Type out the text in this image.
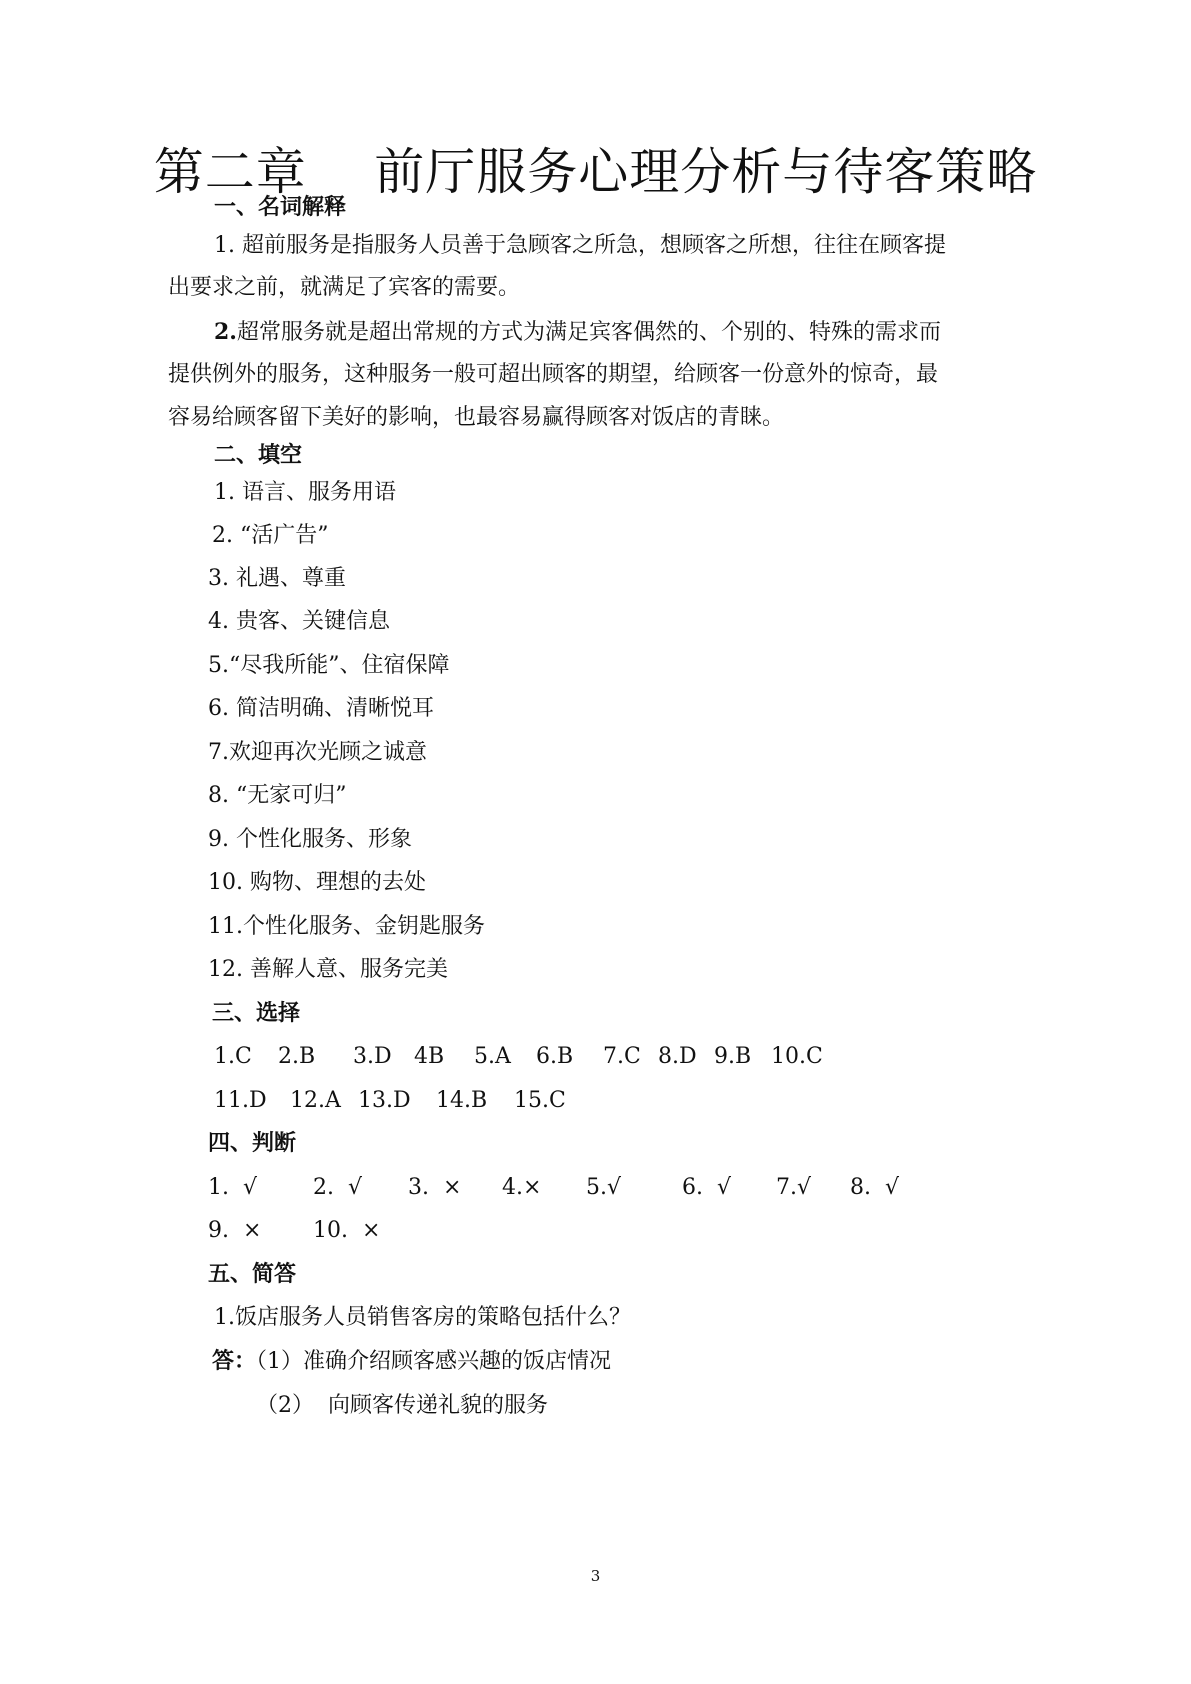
第二章    前厅服务心理分析与待客策略
一、名词解释
1. 超前服务是指服务人员善于急顾客之所急，想顾客之所想，往往在顾客提
出要求之前，就满足了宾客的需要。
2.超常服务就是超出常规的方式为满足宾客偶然的、个别的、特殊的需求而
提供例外的服务，这种服务一般可超出顾客的期望，给顾客一份意外的惊奇，最
容易给顾客留下美好的影响，也最容易赢得顾客对饭店的青睐。
二、填空
1. 语言、服务用语
2. “活广告”
3. 礼遇、尊重
4. 贵客、关键信息
5.“尽我所能”、住宿保障
6. 简洁明确、清晰悦耳
7.欢迎再次光顾之诚意
8. “无家可归”
9. 个性化服务、形象
10. 购物、理想的去处
11.个性化服务、金钥匙服务
12. 善解人意、服务完美
三、选择
1.C 2.B 3.D 4B 5.A 6.B 7.C 8.D 9.B 10.C
11.D 12.A 13.D 14.B 15.C
四、判断
1.  √	2.  √ 3.  × 4.× 5.√	6.  √ 7.√ 8.  √
9.  × 10.  ×
五、简答
1.饭店服务人员销售客房的策略包括什么？
答：（1）准确介绍顾客感兴趣的饭店情况
（2）  向顾客传递礼貌的服务
3
